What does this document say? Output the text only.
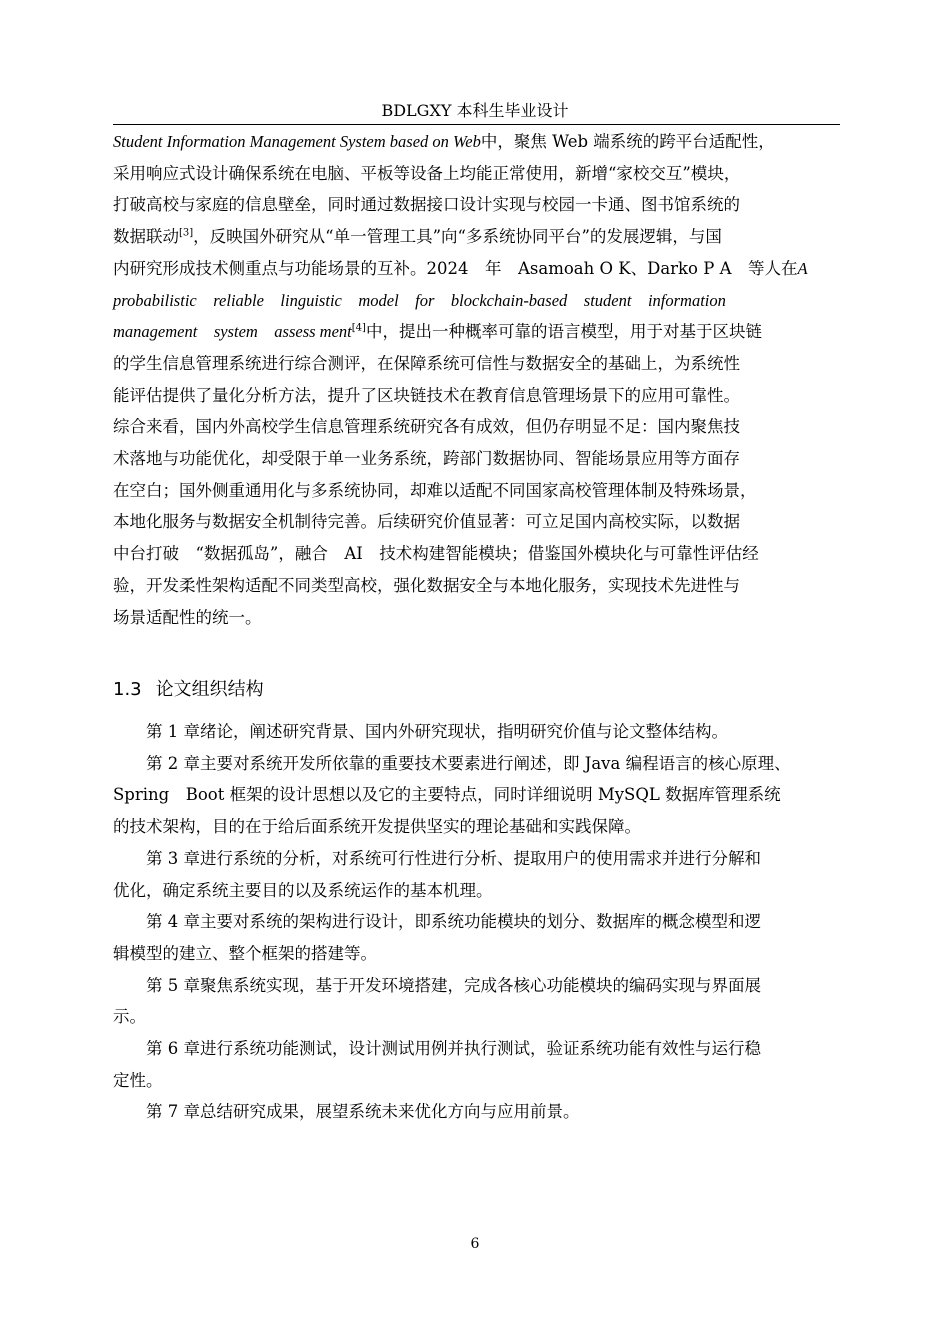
BDLGXY 本科生毕业设计
Student Information Management System based on Web中，聚焦 Web 端系统的跨平台适配性，
采用响应式设计确保系统在电脑、平板等设备上均能正常使用，新增“家校交互”模块，
打破高校与家庭的信息壁垒，同时通过数据接口设计实现与校园一卡通、图书馆系统的
数据联动[3]，反映国外研究从“单一管理工具”向“多系统协同平台”的发展逻辑，与国
内研究形成技术侧重点与功能场景的互补。2024　年　Asamoah O K、Darko P A　等人在A
probabilistic　reliable　linguistic　model　for　blockchain-based　student　information
management　system　assess ment[4]中，提出一种概率可靠的语言模型，用于对基于区块链
的学生信息管理系统进行综合测评，在保障系统可信性与数据安全的基础上，为系统性
能评估提供了量化分析方法，提升了区块链技术在教育信息管理场景下的应用可靠性。
综合来看，国内外高校学生信息管理系统研究各有成效，但仍存明显不足：国内聚焦技
术落地与功能优化，却受限于单一业务系统，跨部门数据协同、智能场景应用等方面存
在空白；国外侧重通用化与多系统协同，却难以适配不同国家高校管理体制及特殊场景，
本地化服务与数据安全机制待完善。后续研究价值显著：可立足国内高校实际，以数据
中台打破　“数据孤岛”，融合　AI　技术构建智能模块；借鉴国外模块化与可靠性评估经
验，开发柔性架构适配不同类型高校，强化数据安全与本地化服务，实现技术先进性与
场景适配性的统一。
1.3 论文组织结构
　　第 1 章绪论，阐述研究背景、国内外研究现状，指明研究价值与论文整体结构。
　　第 2 章主要对系统开发所依靠的重要技术要素进行阐述，即 Java 编程语言的核心原理、
Spring　Boot 框架的设计思想以及它的主要特点，同时详细说明 MySQL 数据库管理系统
的技术架构，目的在于给后面系统开发提供坚实的理论基础和实践保障。
　　第 3 章进行系统的分析，对系统可行性进行分析、提取用户的使用需求并进行分解和
优化，确定系统主要目的以及系统运作的基本机理。
　　第 4 章主要对系统的架构进行设计，即系统功能模块的划分、数据库的概念模型和逻
辑模型的建立、整个框架的搭建等。
　　第 5 章聚焦系统实现，基于开发环境搭建，完成各核心功能模块的编码实现与界面展
示。
　　第 6 章进行系统功能测试，设计测试用例并执行测试，验证系统功能有效性与运行稳
定性。
　　第 7 章总结研究成果，展望系统未来优化方向与应用前景。
6
